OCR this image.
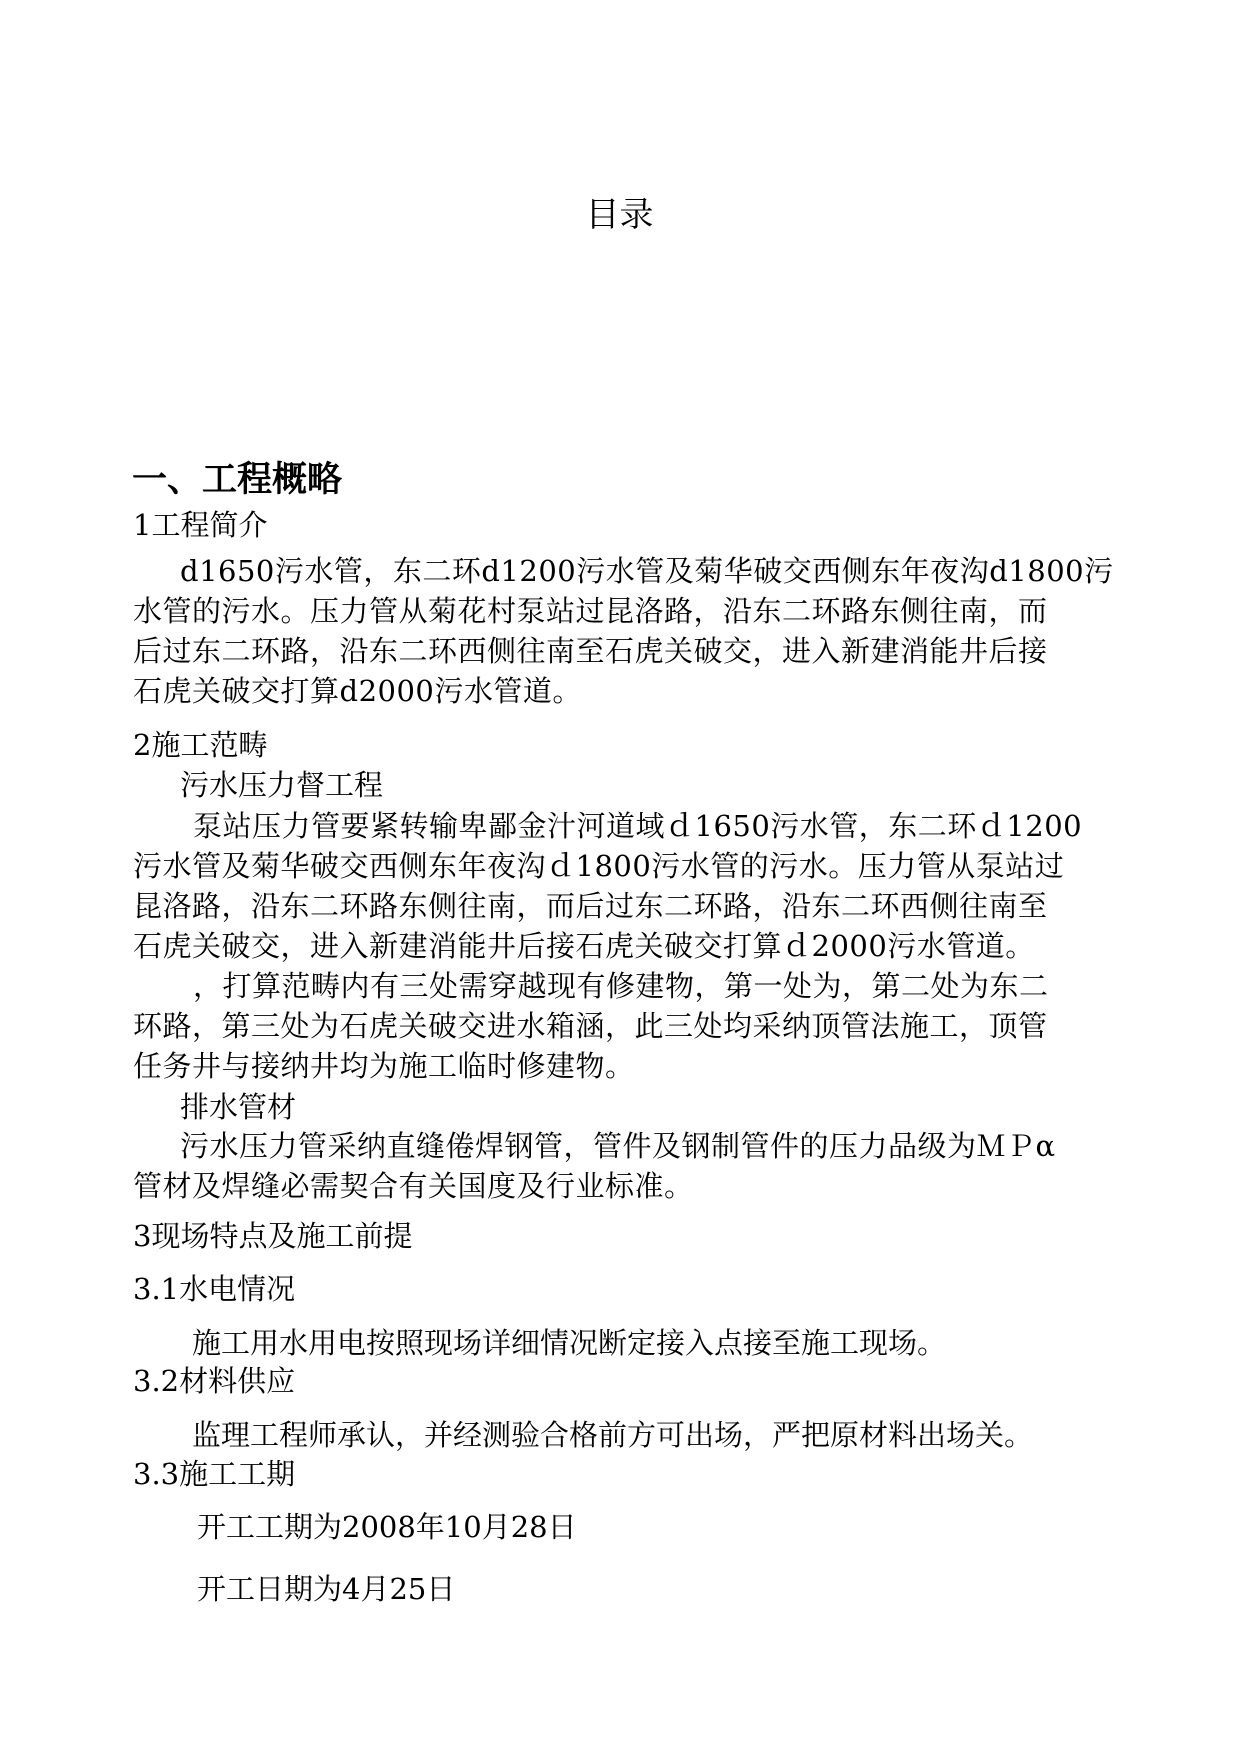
目录
一、工程概略
1工程简介
d1650污水管，东二环d1200污水管及菊华破交西侧东年夜沟d1800污
水管的污水。压力管从菊花村泵站过昆洛路，沿东二环路东侧往南，而
后过东二环路，沿东二环西侧往南至石虎关破交，进入新建消能井后接
石虎关破交打算d2000污水管道。
2施工范畴
污水压力督工程
泵站压力管要紧转输卑鄙金汁河道域ｄ1650污水管，东二环ｄ1200
污水管及菊华破交西侧东年夜沟ｄ1800污水管的污水。压力管从泵站过
昆洛路，沿东二环路东侧往南，而后过东二环路，沿东二环西侧往南至
石虎关破交，进入新建消能井后接石虎关破交打算ｄ2000污水管道。
，打算范畴内有三处需穿越现有修建物，第一处为，第二处为东二
环路，第三处为石虎关破交进水箱涵，此三处均采纳顶管法施工，顶管
任务井与接纳井均为施工临时修建物。
排水管材
污水压力管采纳直缝倦焊钢管，管件及钢制管件的压力品级为ＭＰα
管材及焊缝必需契合有关国度及行业标准。
3现场特点及施工前提
3.1水电情况
施工用水用电按照现场详细情况断定接入点接至施工现场。
3.2材料供应
监理工程师承认，并经测验合格前方可出场，严把原材料出场关。
3.3施工工期
开工工期为2008年10月28日
开工日期为4月25日
